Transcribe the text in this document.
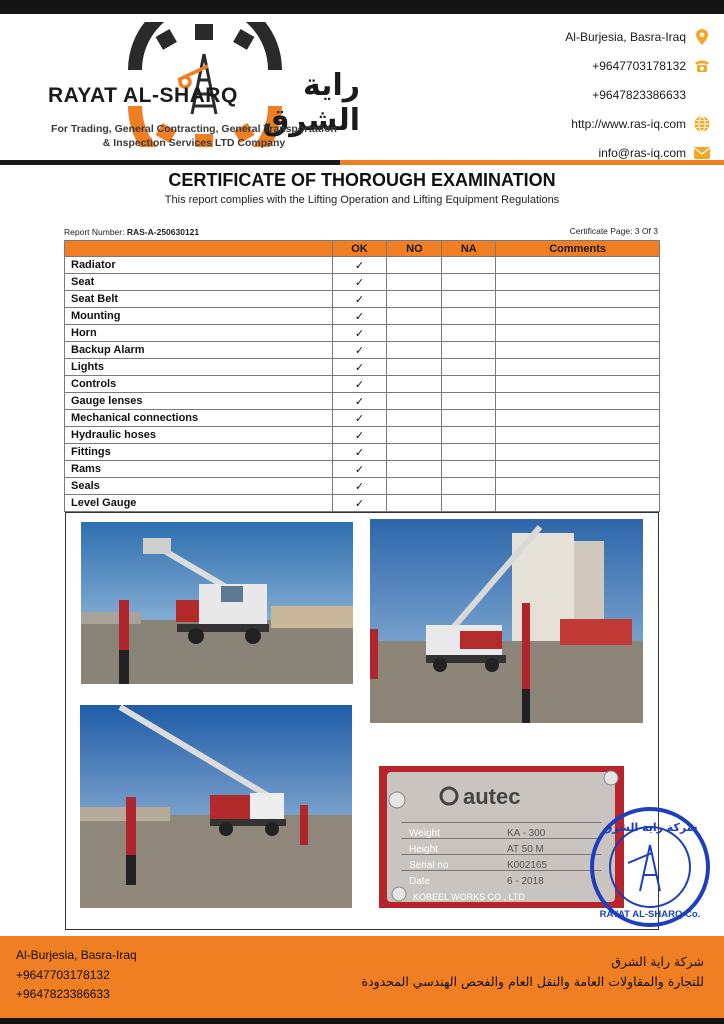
RAYAT AL-SHARQ	راية الشرق
For Trading, General Contracting, General Transportation
& Inspection Services LTD Company
Al-Burjesia, Basra-Iraq
+9647703178132
+9647823386633
http://www.ras-iq.com
info@ras-iq.com
CERTIFICATE OF THOROUGH EXAMINATION
This report complies with the Lifting Operation and Lifting Equipment Regulations
Report Number: RAS-A-250630121	Certificate Page: 3 Of 3
	OK	NO	NA	Comments
Radiator	✓			
Seat	✓			
Seat Belt	✓			
Mounting	✓			
Horn	✓			
Backup Alarm	✓			
Lights	✓			
Controls	✓			
Gauge lenses	✓			
Mechanical connections	✓			
Hydraulic hoses	✓			
Fittings	✓			
Rams	✓			
Seals	✓			
Level Gauge	✓			
autec
Weight	KA - 300
Height	AT 50 M
Serial no	K002165
Date	6 - 2018
KOBEEL WORKS CO., LTD
شركة راية الشرق
RAYAT AL-SHARQ Co.
Al-Burjesia, Basra-Iraq
+9647703178132
+9647823386633
شركة راية الشرق
للتجارة والمقاولات العامة والنقل العام والفحص الهندسي المحدودة
